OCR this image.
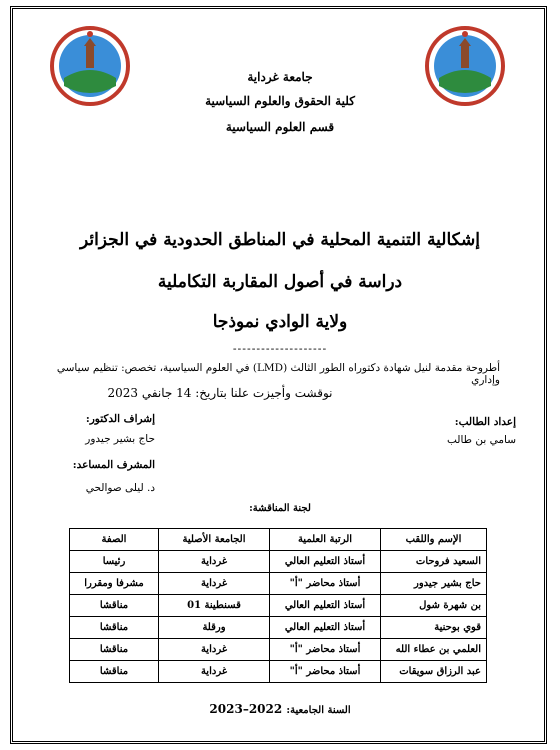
جامعة غرداية
كلية الحقوق والعلوم السياسية
قسم العلوم السياسية
إشكالية التنمية المحلية في المناطق الحدودية في الجزائر
دراسة في أصول المقاربة التكاملية
ولاية الوادي نموذجا
--------------------
أطروحة مقدمة لنيل شهادة دكتوراه الطور الثالث (LMD) في العلوم السياسية، تخصص: تنظيم سياسي وإداري
نوقشت وأجيزت علنا بتاريخ: 14 جانفي 2023
إعداد الطالب:
سامي بن طالب
إشراف الدكتور:
حاج بشير جيدور
المشرف المساعد:
د. ليلى صوالحي
لجنة المناقشة:
الإسم واللقب	الرتبة العلمية	الجامعة الأصلية	الصفة
السعيد فروحات	أستاذ التعليم العالي	غرداية	رئيسا
حاج بشير جيدور	أستاذ محاضر "أ"	غرداية	مشرفا ومقررا
بن شهرة شول	أستاذ التعليم العالي	قسنطينة 01	مناقشا
قوي بوحنية	أستاذ التعليم العالي	ورقلة	مناقشا
العلمي بن عطاء الله	أستاذ محاضر "أ"	غرداية	مناقشا
عبد الرزاق سويقات	أستاذ محاضر "أ"	غرداية	مناقشا
السنة الجامعية: 2022–2023
